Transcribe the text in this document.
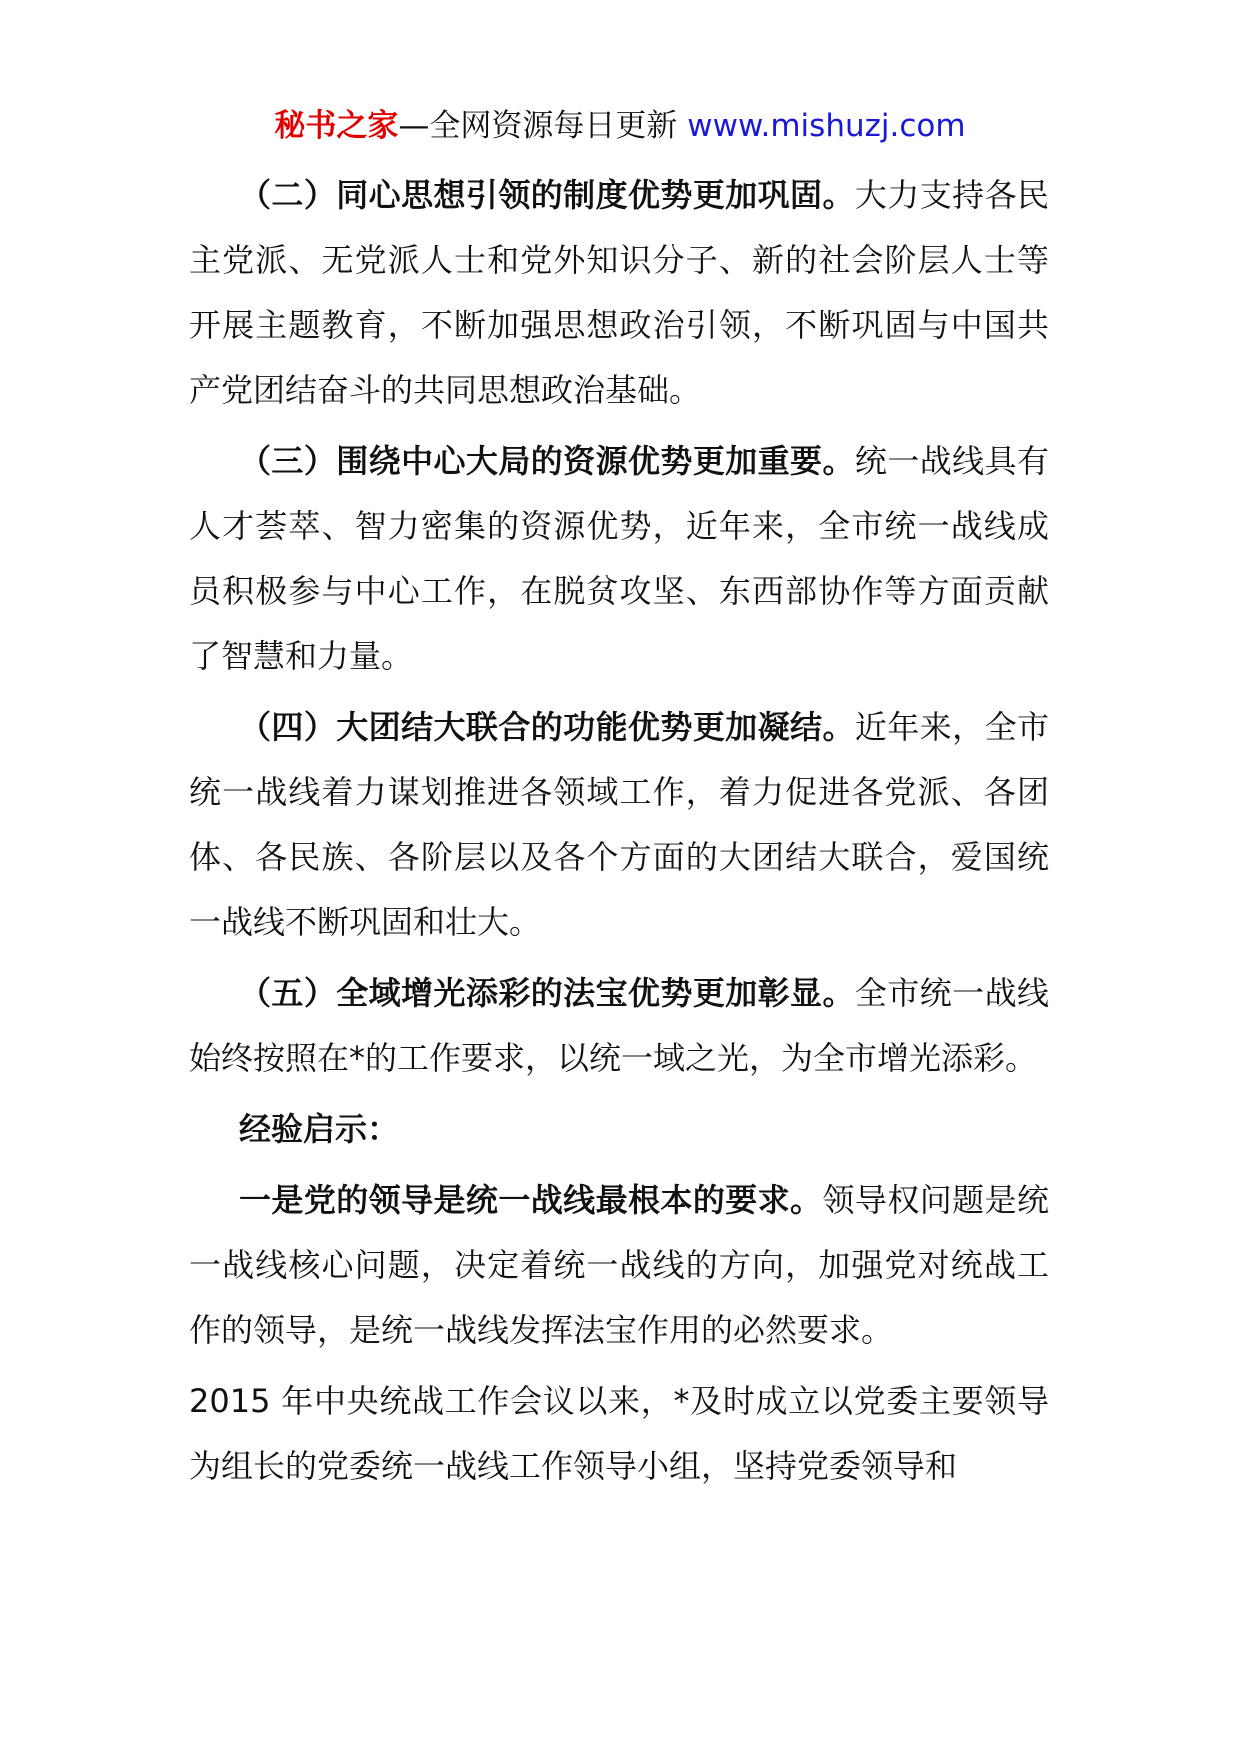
秘书之家—全网资源每日更新 www.mishuzj.com

（二）同心思想引领的制度优势更加巩固。大力支持各民主党派、无党派人士和党外知识分子、新的社会阶层人士等开展主题教育，不断加强思想政治引领，不断巩固与中国共产党团结奋斗的共同思想政治基础。

（三）围绕中心大局的资源优势更加重要。统一战线具有人才荟萃、智力密集的资源优势，近年来，全市统一战线成员积极参与中心工作，在脱贫攻坚、东西部协作等方面贡献了智慧和力量。

（四）大团结大联合的功能优势更加凝结。近年来，全市统一战线着力谋划推进各领域工作，着力促进各党派、各团体、各民族、各阶层以及各个方面的大团结大联合，爱国统一战线不断巩固和壮大。

（五）全域增光添彩的法宝优势更加彰显。全市统一战线始终按照在*的工作要求，以统一域之光，为全市增光添彩。

经验启示：

一是党的领导是统一战线最根本的要求。领导权问题是统一战线核心问题，决定着统一战线的方向，加强党对统战工作的领导，是统一战线发挥法宝作用的必然要求。

2015 年中央统战工作会议以来，*及时成立以党委主要领导为组长的党委统一战线工作领导小组，坚持党委领导和
